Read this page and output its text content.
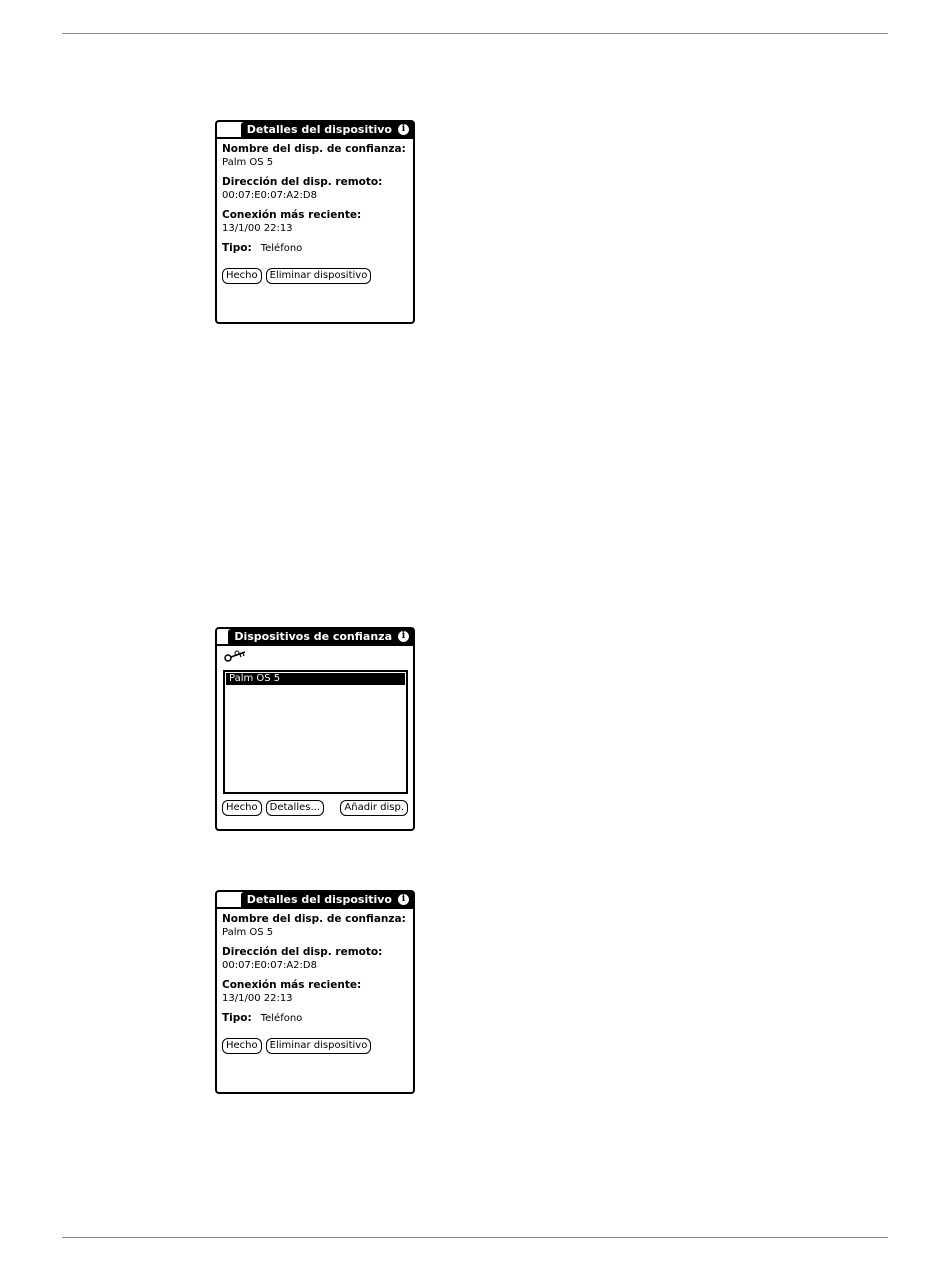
Detalles del dispositivo	i
Nombre del disp. de confianza:
Palm OS 5
Dirección del disp. remoto:
00:07:E0:07:A2:D8
Conexión más reciente:
13/1/00 22:13
Tipo: Teléfono
Hecho	Eliminar dispositivo
Dispositivos de confianza	i
Palm OS 5
Hecho	Detalles...	Añadir disp.
Detalles del dispositivo	i
Nombre del disp. de confianza:
Palm OS 5
Dirección del disp. remoto:
00:07:E0:07:A2:D8
Conexión más reciente:
13/1/00 22:13
Tipo: Teléfono
Hecho	Eliminar dispositivo
